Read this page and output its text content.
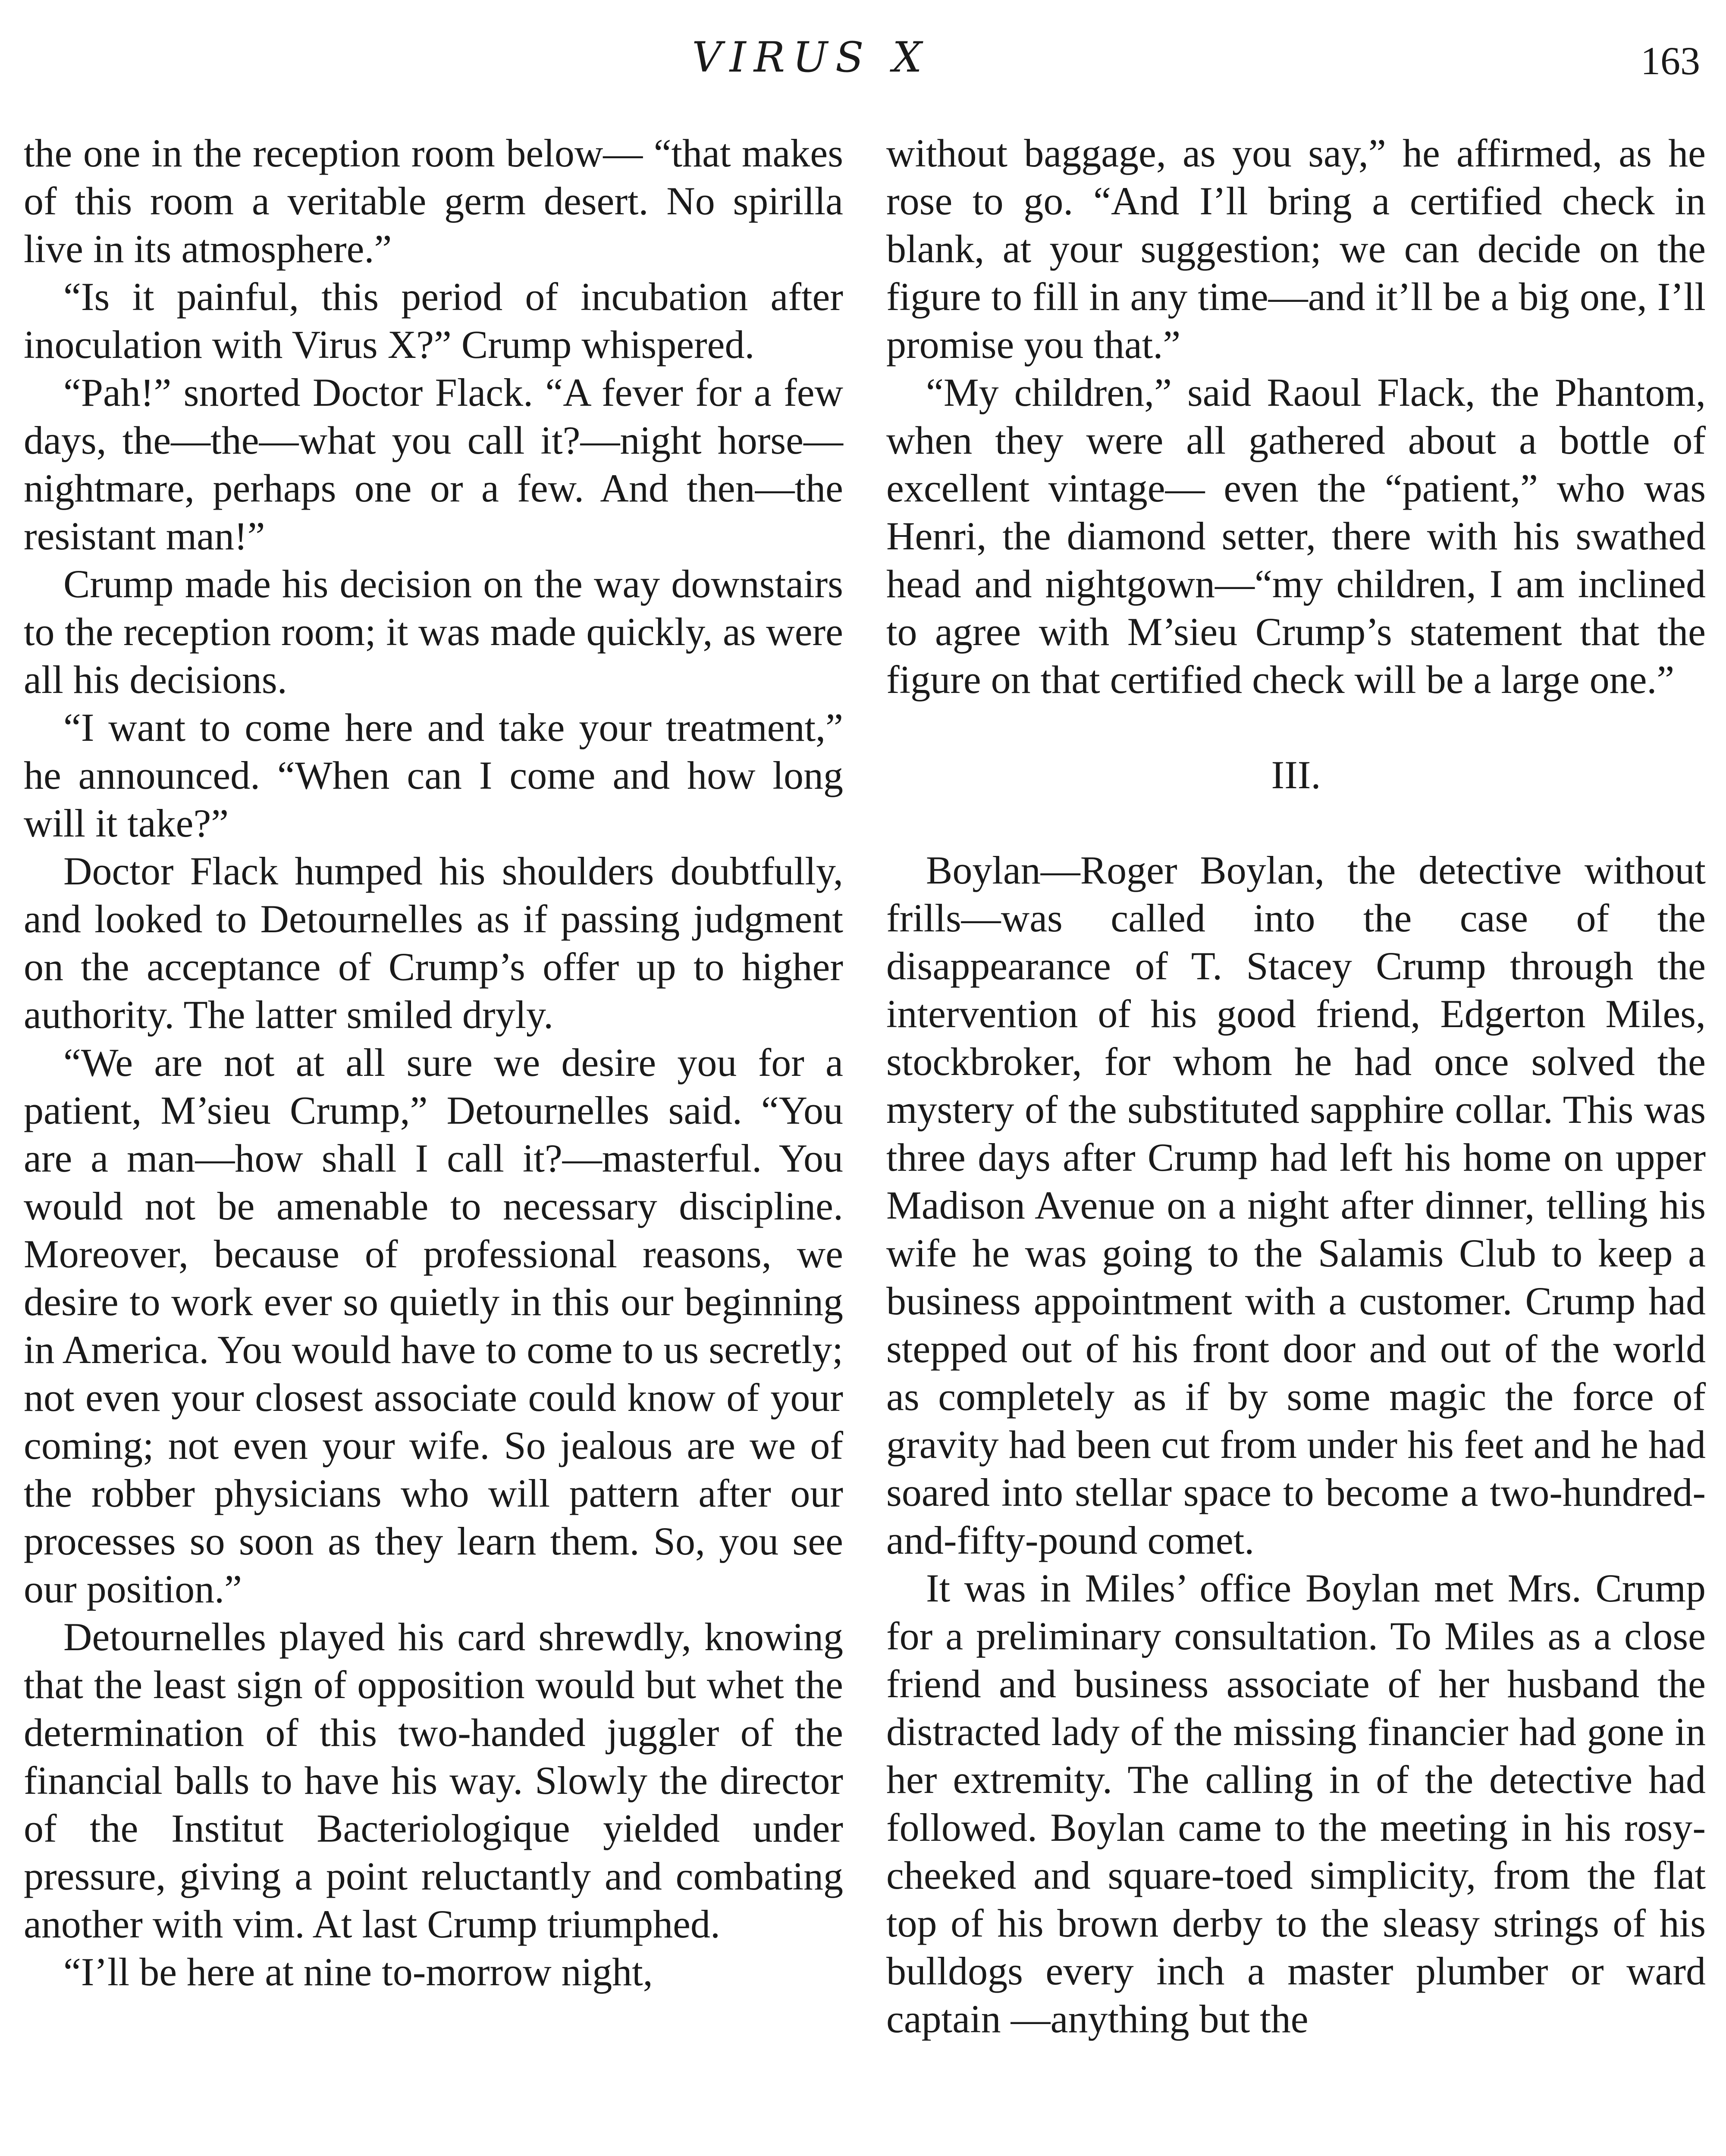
VIRUS X	163

the one in the reception room below— “that makes of this room a veritable germ desert. No spirilla live in its atmosphere.”

“Is it painful, this period of incubation after inoculation with Virus X?” Crump whispered.

“Pah!” snorted Doctor Flack. “A fever for a few days, the—the—what you call it?—night horse—nightmare, perhaps one or a few. And then—the resistant man!”

Crump made his decision on the way downstairs to the reception room; it was made quickly, as were all his decisions.

“I want to come here and take your treatment,” he announced. “When can I come and how long will it take?”

Doctor Flack humped his shoulders doubtfully, and looked to Detournelles as if passing judgment on the acceptance of Crump’s offer up to higher authority. The latter smiled dryly.

“We are not at all sure we desire you for a patient, M’sieu Crump,” Detournelles said. “You are a man—how shall I call it?—masterful. You would not be amenable to necessary discipline. Moreover, because of professional reasons, we desire to work ever so quietly in this our beginning in America. You would have to come to us secretly; not even your closest associate could know of your coming; not even your wife. So jealous are we of the robber physicians who will pattern after our processes so soon as they learn them. So, you see our position.”

Detournelles played his card shrewdly, knowing that the least sign of opposition would but whet the determination of this two-handed juggler of the financial balls to have his way. Slowly the director of the Institut Bacteriologique yielded under pressure, giving a point reluctantly and combating another with vim. At last Crump triumphed.

“I’ll be here at nine to-morrow night,

without baggage, as you say,” he affirmed, as he rose to go. “And I’ll bring a certified check in blank, at your suggestion; we can decide on the figure to fill in any time—and it’ll be a big one, I’ll promise you that.”

“My children,” said Raoul Flack, the Phantom, when they were all gathered about a bottle of excellent vintage— even the “patient,” who was Henri, the diamond setter, there with his swathed head and nightgown—“my children, I am inclined to agree with M’sieu Crump’s statement that the figure on that certified check will be a large one.”

III.

Boylan—Roger Boylan, the detective without frills—was called into the case of the disappearance of T. Stacey Crump through the intervention of his good friend, Edgerton Miles, stockbroker, for whom he had once solved the mystery of the substituted sapphire collar. This was three days after Crump had left his home on upper Madison Avenue on a night after dinner, telling his wife he was going to the Salamis Club to keep a business appointment with a customer. Crump had stepped out of his front door and out of the world as completely as if by some magic the force of gravity had been cut from under his feet and he had soared into stellar space to become a two-hundred-and-fifty-pound comet.

It was in Miles’ office Boylan met Mrs. Crump for a preliminary consultation. To Miles as a close friend and business associate of her husband the distracted lady of the missing financier had gone in her extremity. The calling in of the detective had followed. Boylan came to the meeting in his rosy-cheeked and square-toed simplicity, from the flat top of his brown derby to the sleasy strings of his bulldogs every inch a master plumber or ward captain —anything but the
